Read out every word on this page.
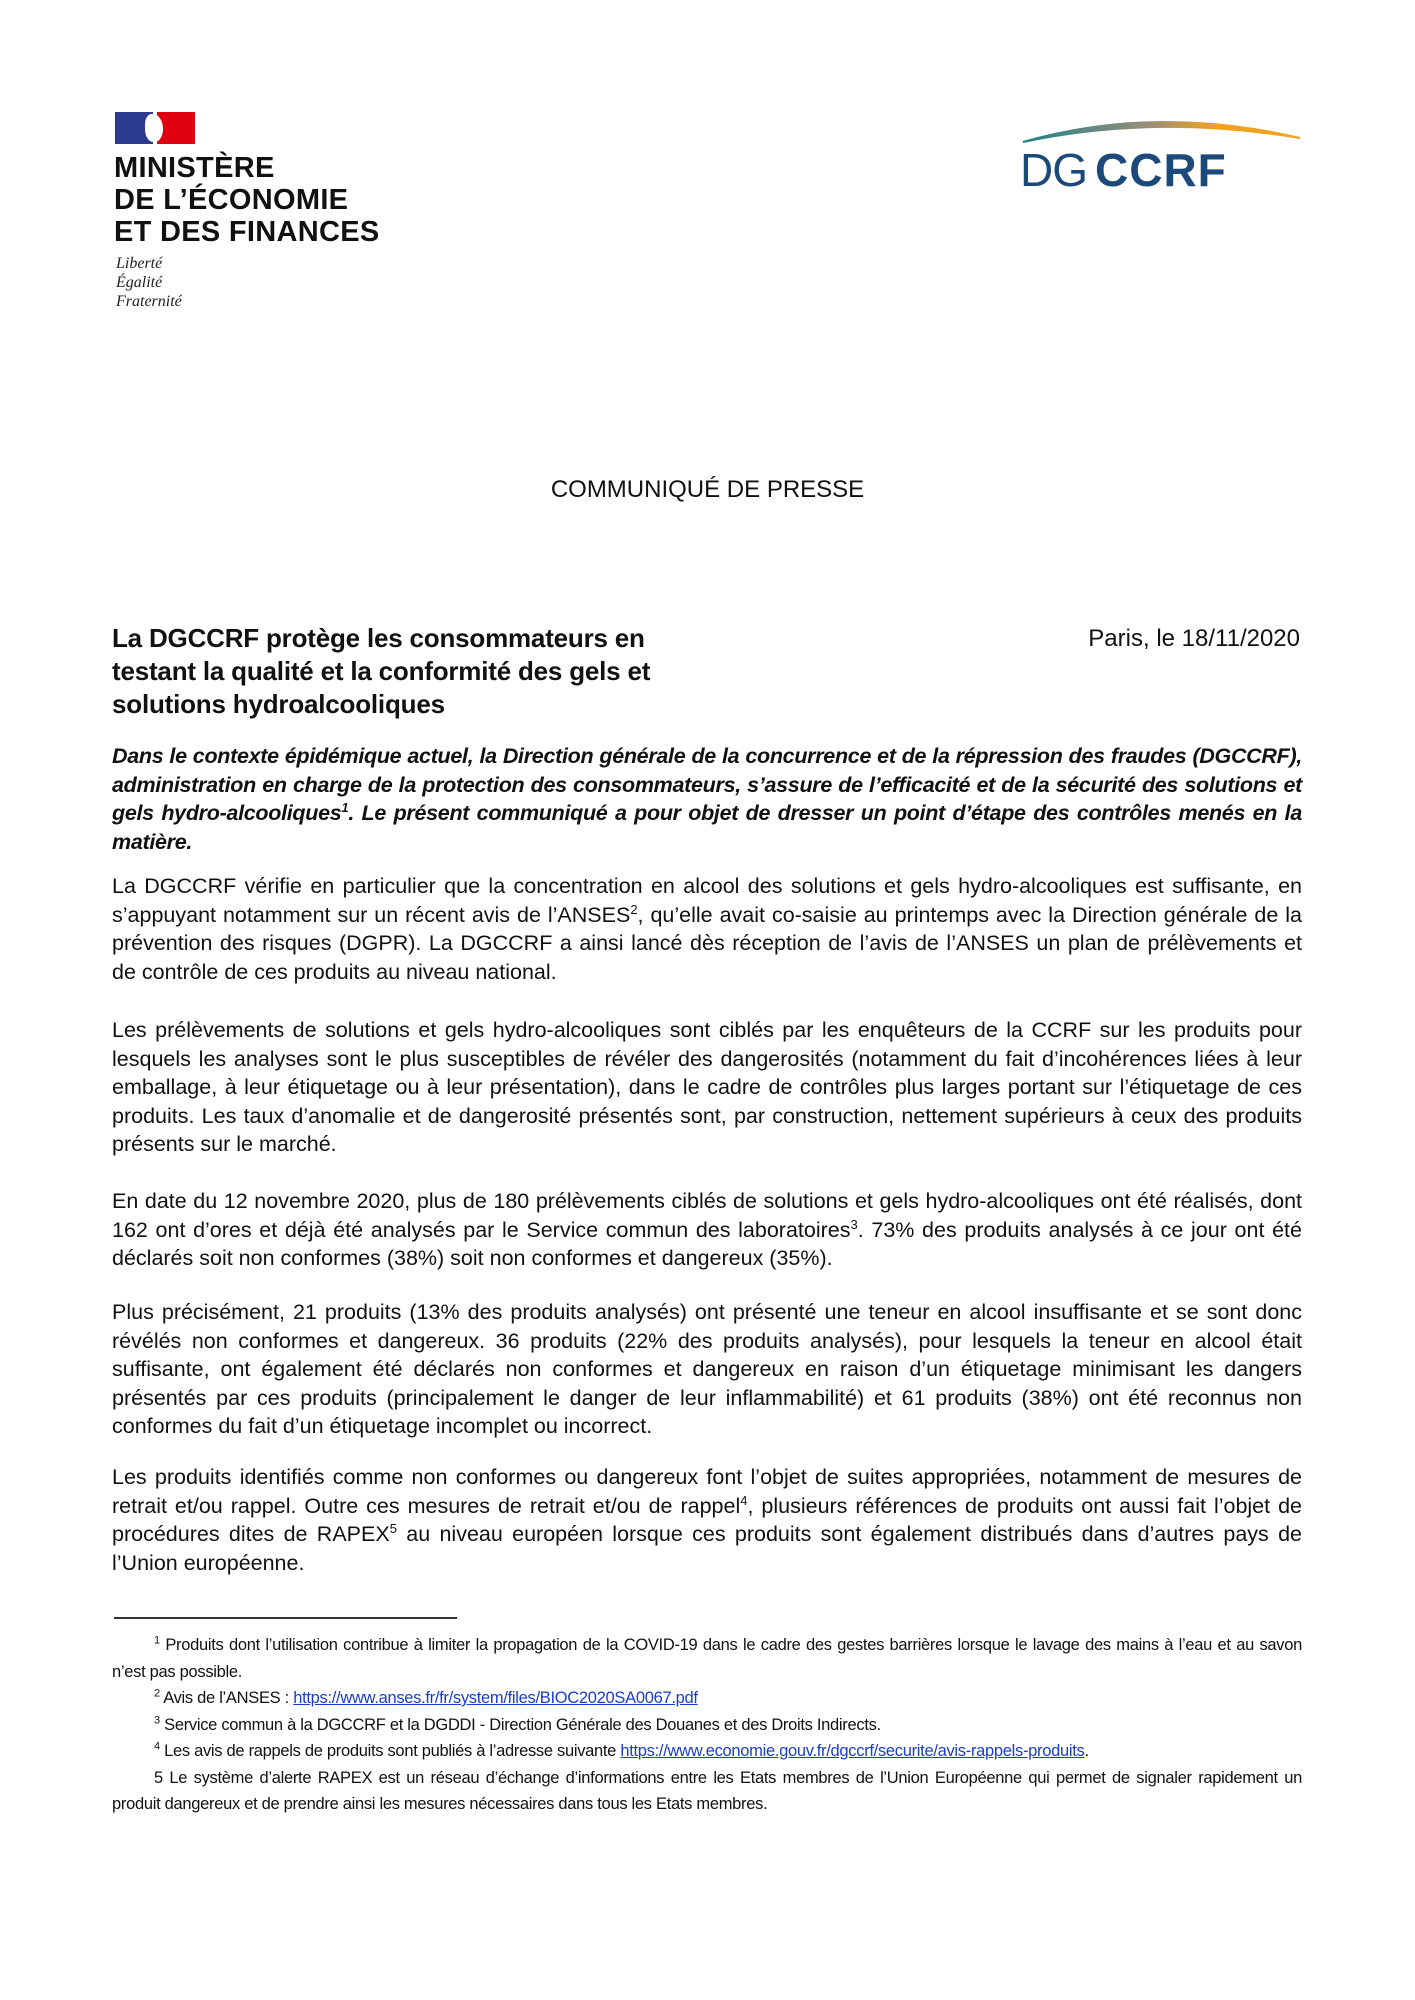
MINISTÈRE
DE L’ÉCONOMIE
ET DES FINANCES
Liberté
Égalité
Fraternité
DG CCRF
COMMUNIQUÉ DE PRESSE
La DGCCRF protège les consommateurs en
testant la qualité et la conformité des gels et
solutions hydroalcooliques
Paris, le 18/11/2020
Dans le contexte épidémique actuel, la Direction générale de la concurrence et de la répression des fraudes (DGCCRF), administration en charge de la protection des consommateurs, s’assure de l’efficacité et de la sécurité des solutions et gels hydro-alcooliques$^1$. Le présent communiqué a pour objet de dresser un point d’étape des contrôles menés en la matière.
La DGCCRF vérifie en particulier que la concentration en alcool des solutions et gels hydro-alcooliques est suffisante, en s’appuyant notamment sur un récent avis de l’ANSES$^2$, qu’elle avait co-saisie au printemps avec la Direction générale de la prévention des risques (DGPR). La DGCCRF a ainsi lancé dès réception de l’avis de l’ANSES un plan de prélèvements et de contrôle de ces produits au niveau national.
Les prélèvements de solutions et gels hydro-alcooliques sont ciblés par les enquêteurs de la CCRF sur les produits pour lesquels les analyses sont le plus susceptibles de révéler des dangerosités (notamment du fait d’incohérences liées à leur emballage, à leur étiquetage ou à leur présentation), dans le cadre de contrôles plus larges portant sur l’étiquetage de ces produits. Les taux d’anomalie et de dangerosité présentés sont, par construction, nettement supérieurs à ceux des produits présents sur le marché.
En date du 12 novembre 2020, plus de 180 prélèvements ciblés de solutions et gels hydro-alcooliques ont été réalisés, dont 162 ont d’ores et déjà été analysés par le Service commun des laboratoires$^3$. 73% des produits analysés à ce jour ont été déclarés soit non conformes (38%) soit non conformes et dangereux (35%).
Plus précisément, 21 produits (13% des produits analysés) ont présenté une teneur en alcool insuffisante et se sont donc révélés non conformes et dangereux. 36 produits (22% des produits analysés), pour lesquels la teneur en alcool était suffisante, ont également été déclarés non conformes et dangereux en raison d’un étiquetage minimisant les dangers présentés par ces produits (principalement le danger de leur inflammabilité) et 61 produits (38%) ont été reconnus non conformes du fait d’un étiquetage incomplet ou incorrect.
Les produits identifiés comme non conformes ou dangereux font l’objet de suites appropriées, notamment de mesures de retrait et/ou rappel. Outre ces mesures de retrait et/ou de rappel$^4$, plusieurs références de produits ont aussi fait l’objet de procédures dites de RAPEX$^5$ au niveau européen lorsque ces produits sont également distribués dans d’autres pays de l’Union européenne.
$^1$ Produits dont l’utilisation contribue à limiter la propagation de la COVID-19 dans le cadre des gestes barrières lorsque le lavage des mains à l’eau et au savon n’est pas possible.
$^2$ Avis de l’ANSES : https://www.anses.fr/fr/system/files/BIOC2020SA0067.pdf
$^3$ Service commun à la DGCCRF et la DGDDI - Direction Générale des Douanes et des Droits Indirects.
$^4$ Les avis de rappels de produits sont publiés à l’adresse suivante https://www.economie.gouv.fr/dgccrf/securite/avis-rappels-produits.
5 Le système d’alerte RAPEX est un réseau d’échange d’informations entre les Etats membres de l’Union Européenne qui permet de signaler rapidement un produit dangereux et de prendre ainsi les mesures nécessaires dans tous les Etats membres.
